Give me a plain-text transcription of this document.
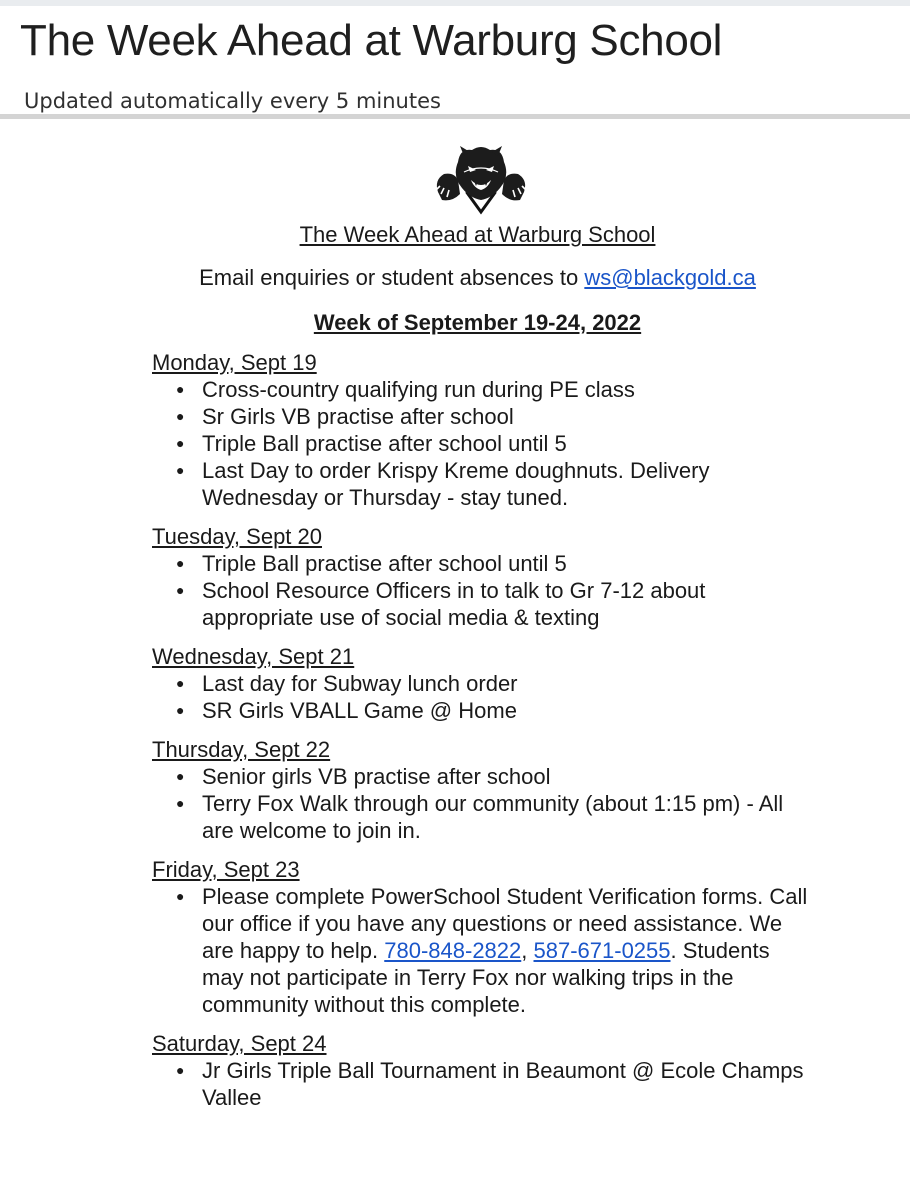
The Week Ahead at Warburg School
Updated automatically every 5 minutes
The Week Ahead at Warburg School
Email enquiries or student absences to ws@blackgold.ca
Week of September 19-24, 2022
Monday, Sept 19
● Cross-country qualifying run during PE class
● Sr Girls VB practise after school
● Triple Ball practise after school until 5
● Last Day to order Krispy Kreme doughnuts. Delivery Wednesday or Thursday - stay tuned.
Tuesday, Sept 20
● Triple Ball practise after school until 5
● School Resource Officers in to talk to Gr 7-12 about appropriate use of social media & texting
Wednesday, Sept 21
● Last day for Subway lunch order
● SR Girls VBALL Game @ Home
Thursday, Sept 22
● Senior girls VB practise after school
● Terry Fox Walk through our community (about 1:15 pm) - All are welcome to join in.
Friday, Sept 23
● Please complete PowerSchool Student Verification forms. Call our office if you have any questions or need assistance. We are happy to help. 780-848-2822, 587-671-0255. Students may not participate in Terry Fox nor walking trips in the community without this complete.
Saturday, Sept 24
● Jr Girls Triple Ball Tournament in Beaumont @ Ecole Champs Vallee
